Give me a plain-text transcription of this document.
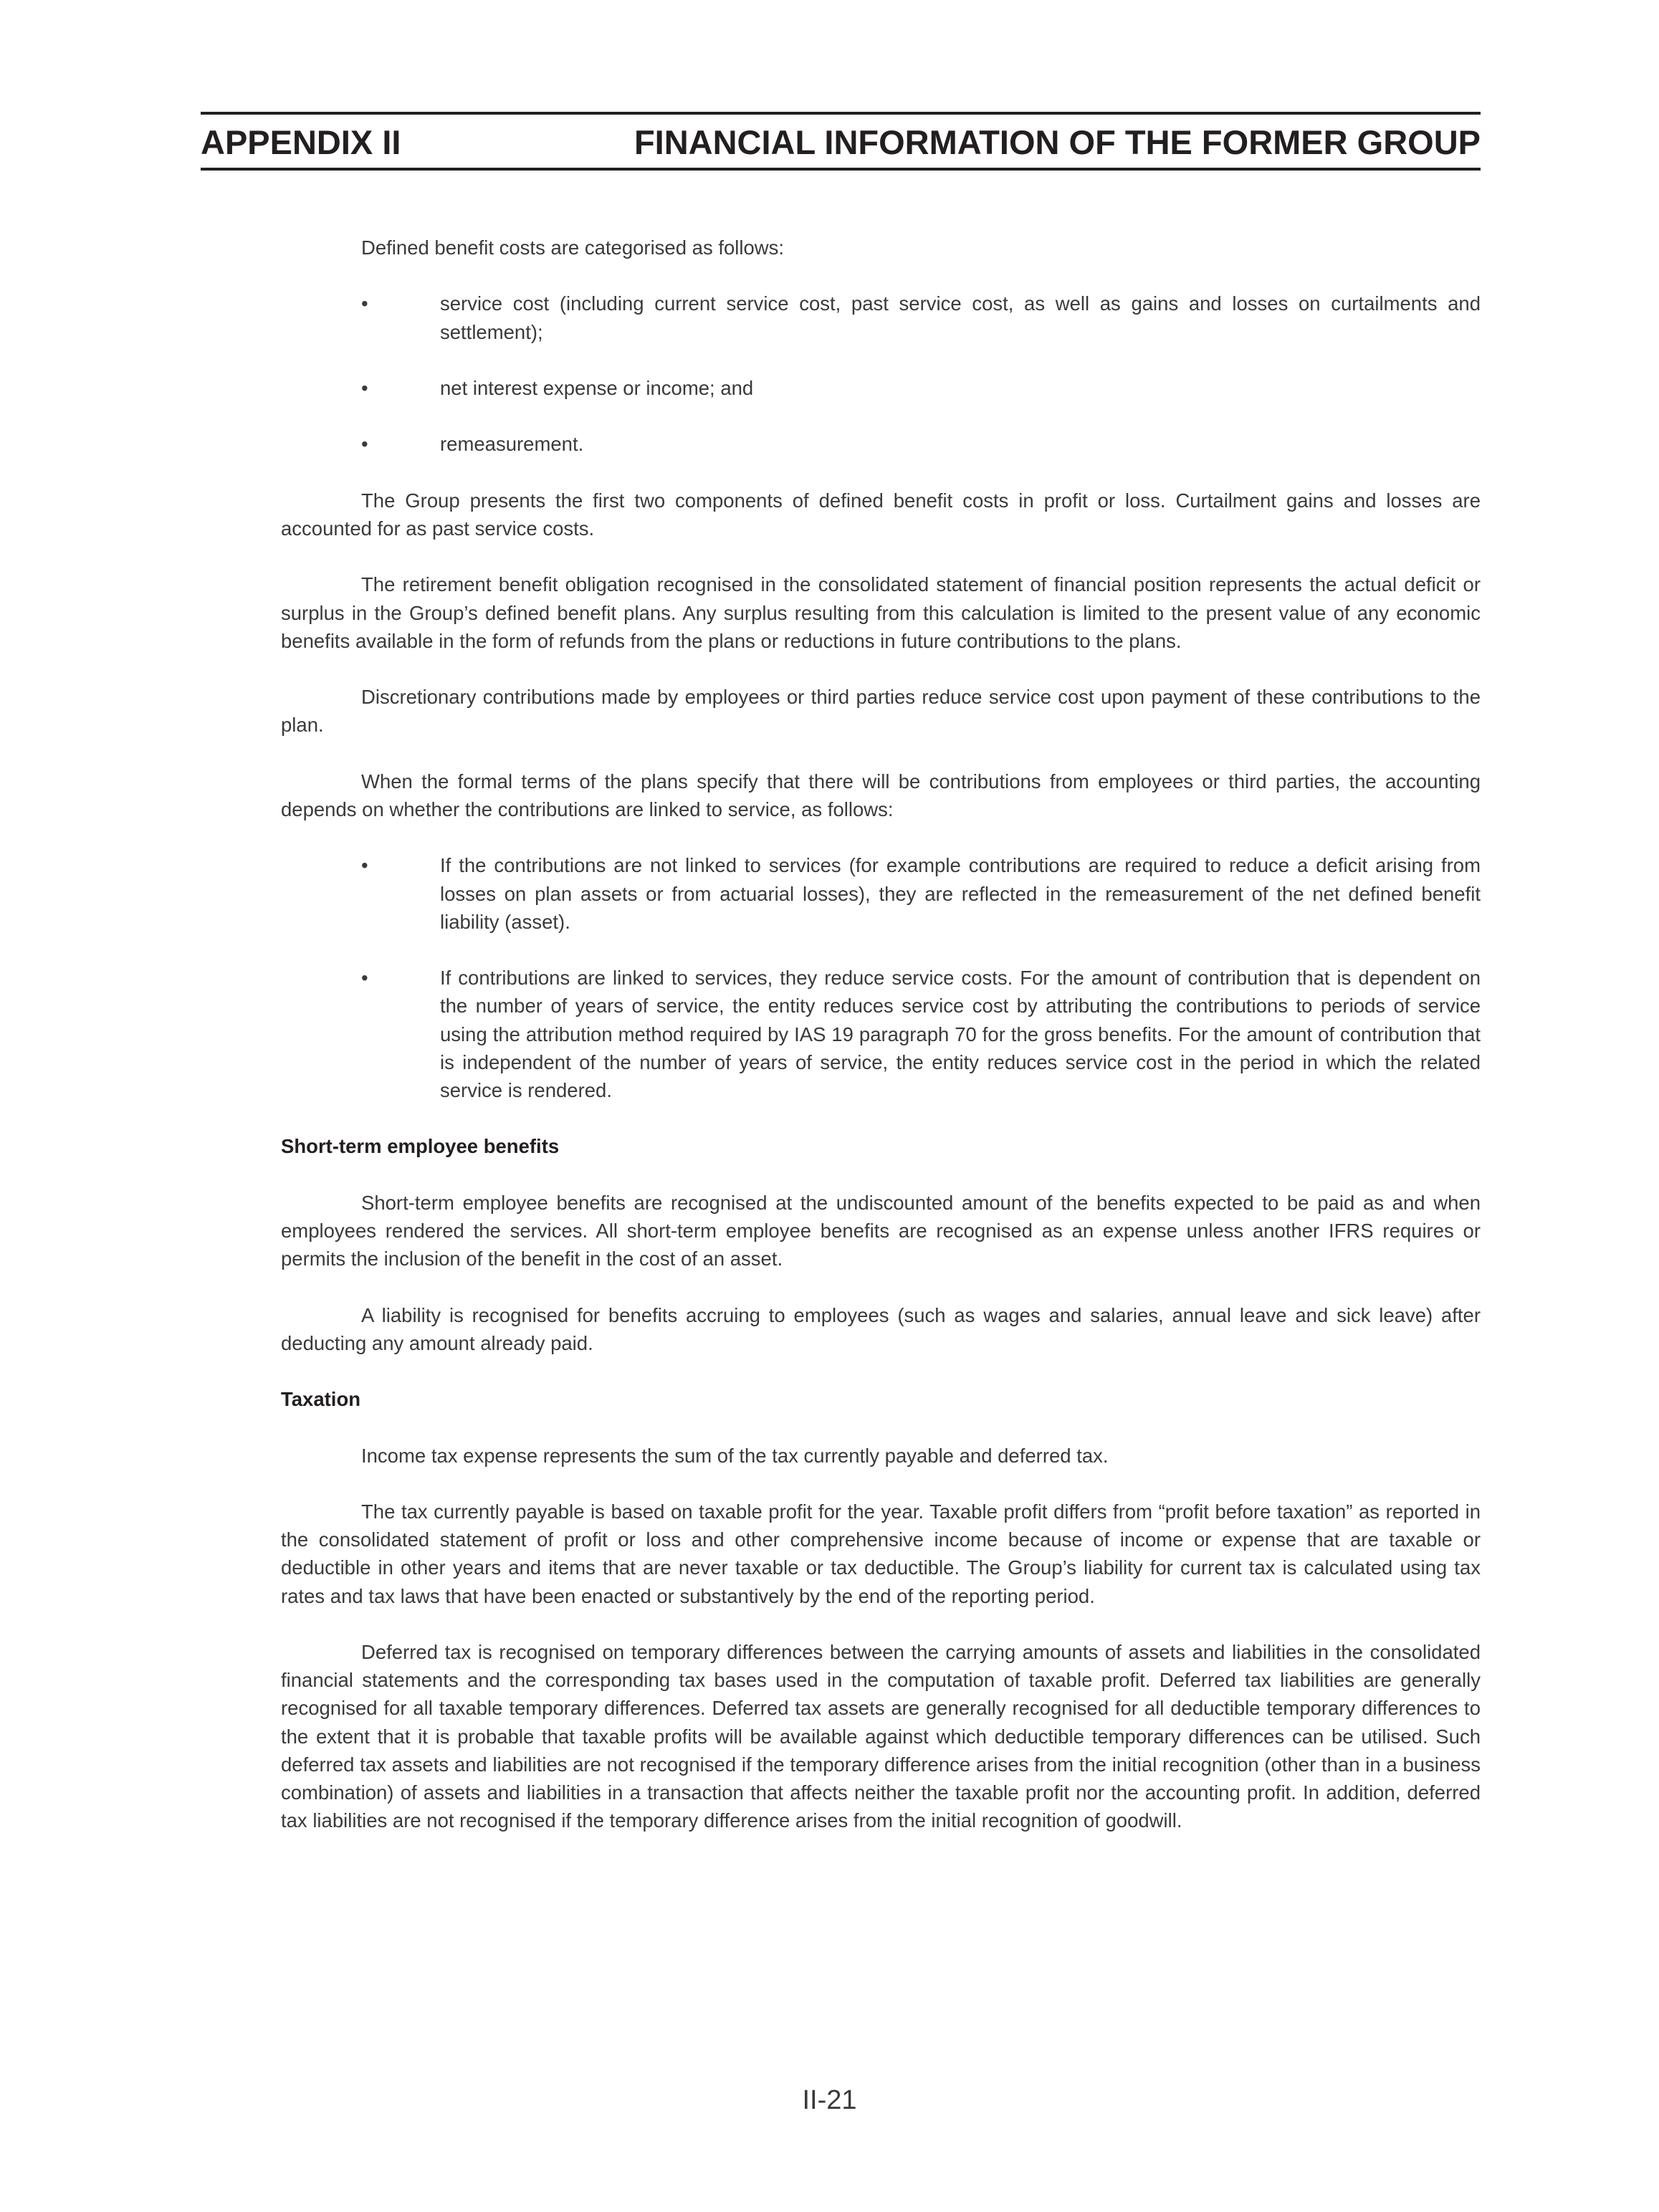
APPENDIX II	FINANCIAL INFORMATION OF THE FORMER GROUP
Defined benefit costs are categorised as follows:
•	service cost (including current service cost, past service cost, as well as gains and losses on curtailments and settlement);
•	net interest expense or income; and
•	remeasurement.
The Group presents the first two components of defined benefit costs in profit or loss. Curtailment gains and losses are accounted for as past service costs.
The retirement benefit obligation recognised in the consolidated statement of financial position represents the actual deficit or surplus in the Group’s defined benefit plans. Any surplus resulting from this calculation is limited to the present value of any economic benefits available in the form of refunds from the plans or reductions in future contributions to the plans.
Discretionary contributions made by employees or third parties reduce service cost upon payment of these contributions to the plan.
When the formal terms of the plans specify that there will be contributions from employees or third parties, the accounting depends on whether the contributions are linked to service, as follows:
•	If the contributions are not linked to services (for example contributions are required to reduce a deficit arising from losses on plan assets or from actuarial losses), they are reflected in the remeasurement of the net defined benefit liability (asset).
•	If contributions are linked to services, they reduce service costs. For the amount of contribution that is dependent on the number of years of service, the entity reduces service cost by attributing the contributions to periods of service using the attribution method required by IAS 19 paragraph 70 for the gross benefits. For the amount of contribution that is independent of the number of years of service, the entity reduces service cost in the period in which the related service is rendered.
Short-term employee benefits
Short-term employee benefits are recognised at the undiscounted amount of the benefits expected to be paid as and when employees rendered the services. All short-term employee benefits are recognised as an expense unless another IFRS requires or permits the inclusion of the benefit in the cost of an asset.
A liability is recognised for benefits accruing to employees (such as wages and salaries, annual leave and sick leave) after deducting any amount already paid.
Taxation
Income tax expense represents the sum of the tax currently payable and deferred tax.
The tax currently payable is based on taxable profit for the year. Taxable profit differs from “profit before taxation” as reported in the consolidated statement of profit or loss and other comprehensive income because of income or expense that are taxable or deductible in other years and items that are never taxable or tax deductible. The Group’s liability for current tax is calculated using tax rates and tax laws that have been enacted or substantively by the end of the reporting period.
Deferred tax is recognised on temporary differences between the carrying amounts of assets and liabilities in the consolidated financial statements and the corresponding tax bases used in the computation of taxable profit. Deferred tax liabilities are generally recognised for all taxable temporary differences. Deferred tax assets are generally recognised for all deductible temporary differences to the extent that it is probable that taxable profits will be available against which deductible temporary differences can be utilised. Such deferred tax assets and liabilities are not recognised if the temporary difference arises from the initial recognition (other than in a business combination) of assets and liabilities in a transaction that affects neither the taxable profit nor the accounting profit. In addition, deferred tax liabilities are not recognised if the temporary difference arises from the initial recognition of goodwill.
II-21
